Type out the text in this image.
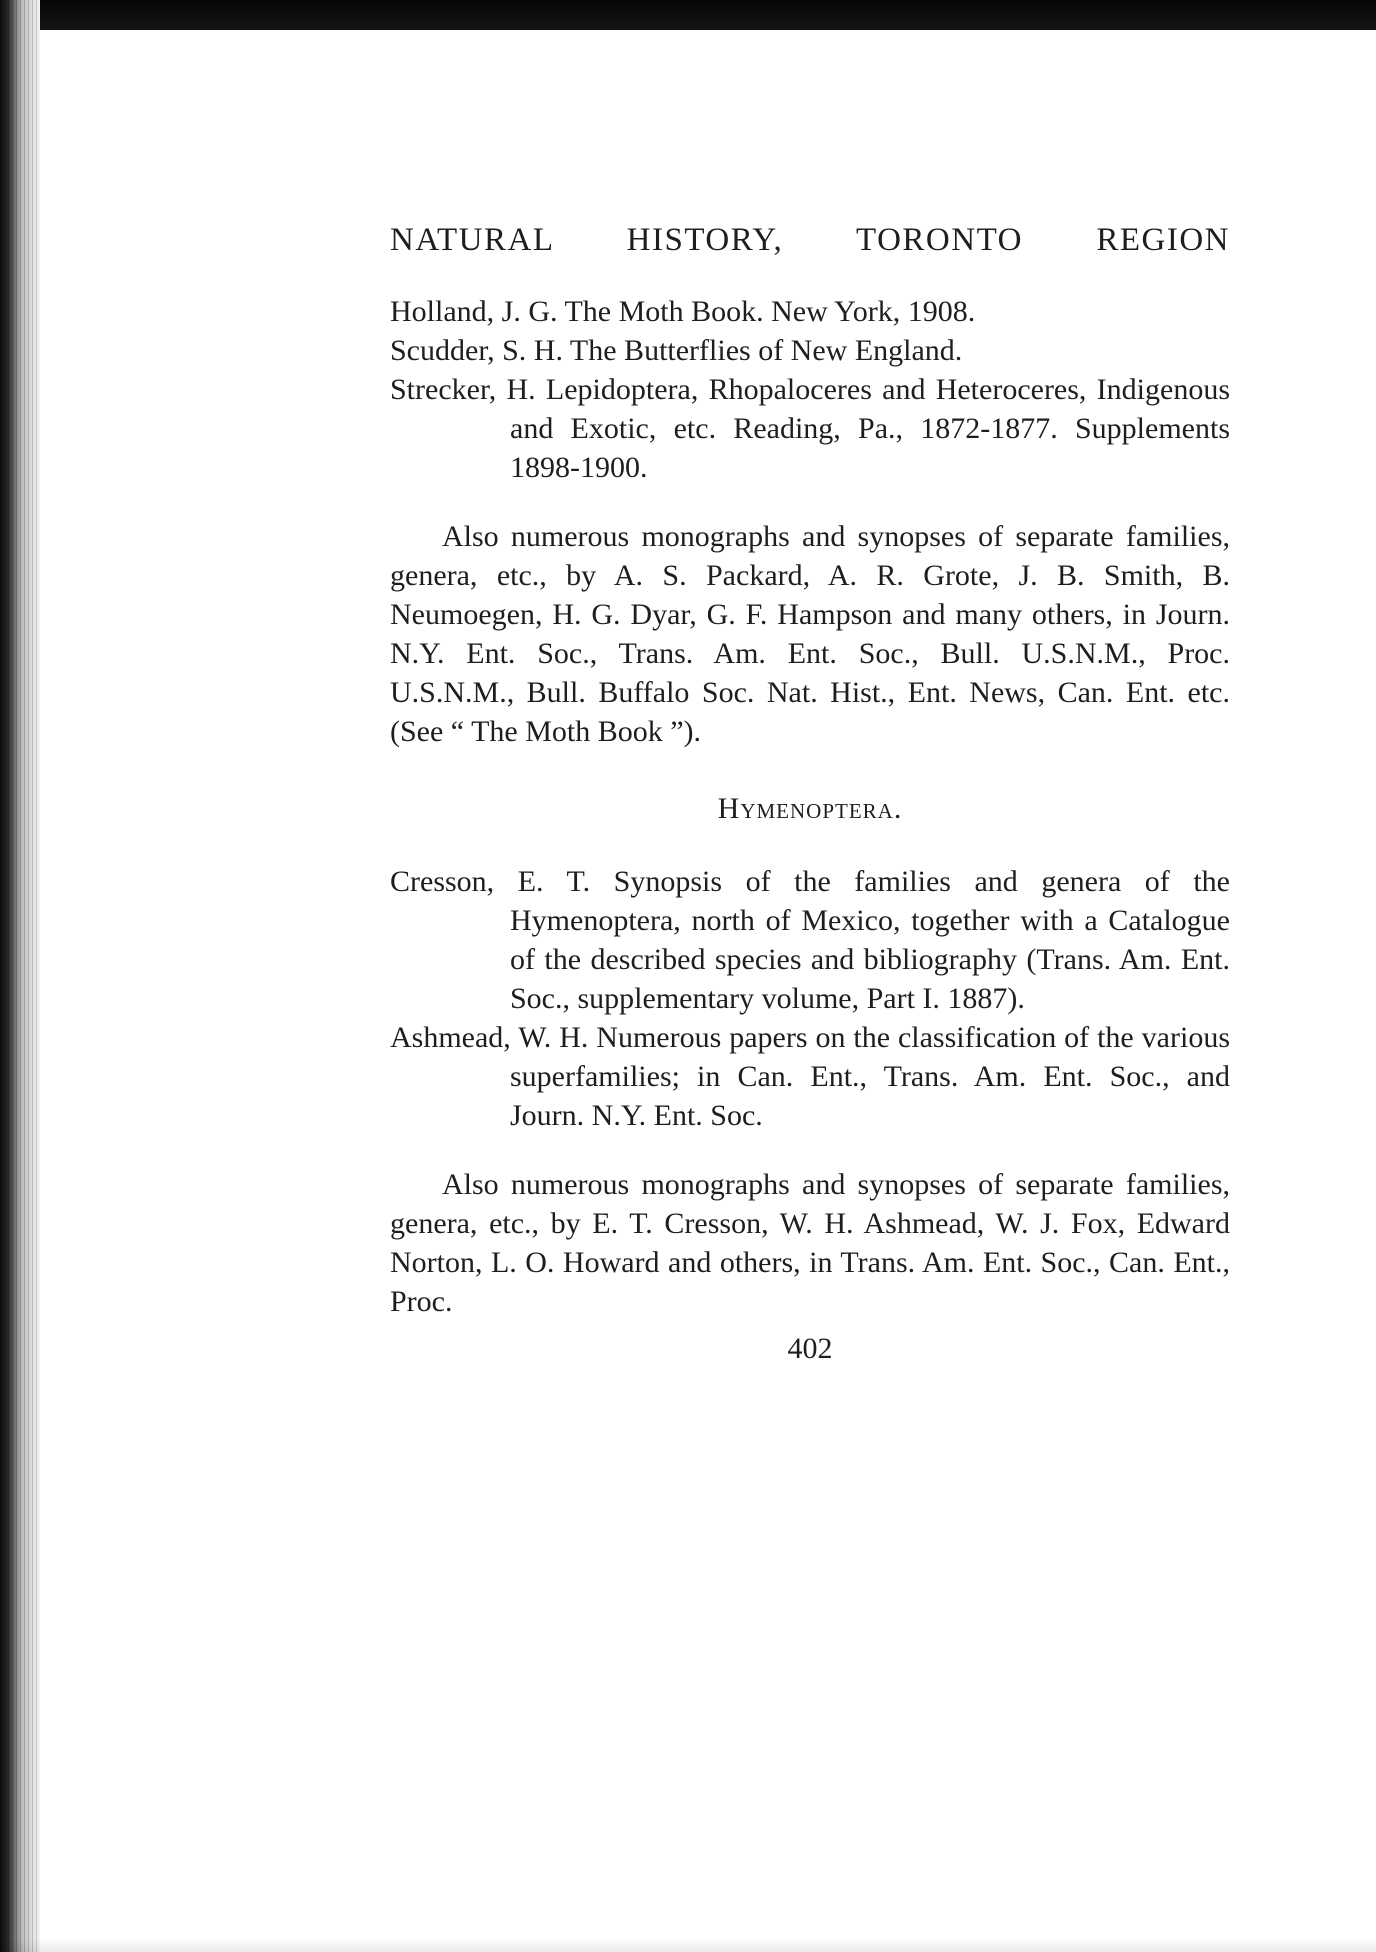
NATURAL HISTORY, TORONTO REGION

Holland, J. G. The Moth Book. New York, 1908.

Scudder, S. H. The Butterflies of New England.

Strecker, H. Lepidoptera, Rhopaloceres and Heteroceres, Indigenous and Exotic, etc. Reading, Pa., 1872-1877. Supplements 1898-1900.

Also numerous monographs and synopses of separate families, genera, etc., by A. S. Packard, A. R. Grote, J. B. Smith, B. Neumoegen, H. G. Dyar, G. F. Hampson and many others, in Journ. N.Y. Ent. Soc., Trans. Am. Ent. Soc., Bull. U.S.N.M., Proc. U.S.N.M., Bull. Buffalo Soc. Nat. Hist., Ent. News, Can. Ent. etc. (See “ The Moth Book ”).

Hymenoptera.

Cresson, E. T. Synopsis of the families and genera of the Hymenoptera, north of Mexico, together with a Catalogue of the described species and bibliography (Trans. Am. Ent. Soc., supplementary volume, Part I. 1887).

Ashmead, W. H. Numerous papers on the classification of the various superfamilies; in Can. Ent., Trans. Am. Ent. Soc., and Journ. N.Y. Ent. Soc.

Also numerous monographs and synopses of separate families, genera, etc., by E. T. Cresson, W. H. Ashmead, W. J. Fox, Edward Norton, L. O. Howard and others, in Trans. Am. Ent. Soc., Can. Ent., Proc.

402
